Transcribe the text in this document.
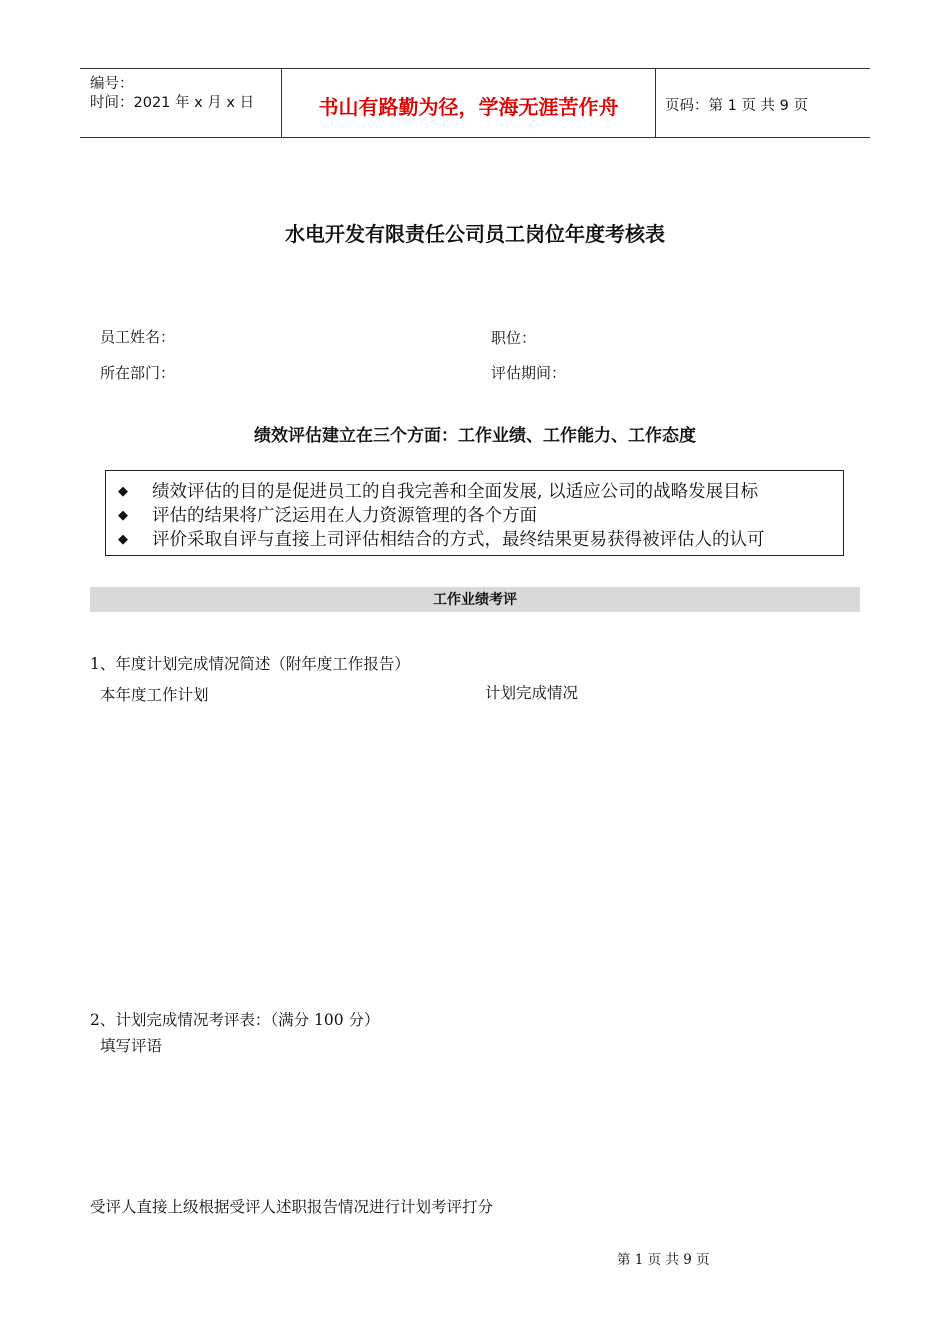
编号：
时间：2021 年 x 月 x 日	书山有路勤为径，学海无涯苦作舟	页码：第 1 页 共 9 页
水电开发有限责任公司员工岗位年度考核表
员工姓名：	职位：
所在部门：	评估期间：
绩效评估建立在三个方面：工作业绩、工作能力、工作态度
◆ 绩效评估的目的是促进员工的自我完善和全面发展, 以适应公司的战略发展目标
◆ 评估的结果将广泛运用在人力资源管理的各个方面
◆ 评价采取自评与直接上司评估相结合的方式，最终结果更易获得被评估人的认可
工作业绩考评
1、年度计划完成情况简述（附年度工作报告）
本年度工作计划	计划完成情况
2、计划完成情况考评表：（满分 100 分）
填写评语
受评人直接上级根据受评人述职报告情况进行计划考评打分
第 1 页 共 9 页
